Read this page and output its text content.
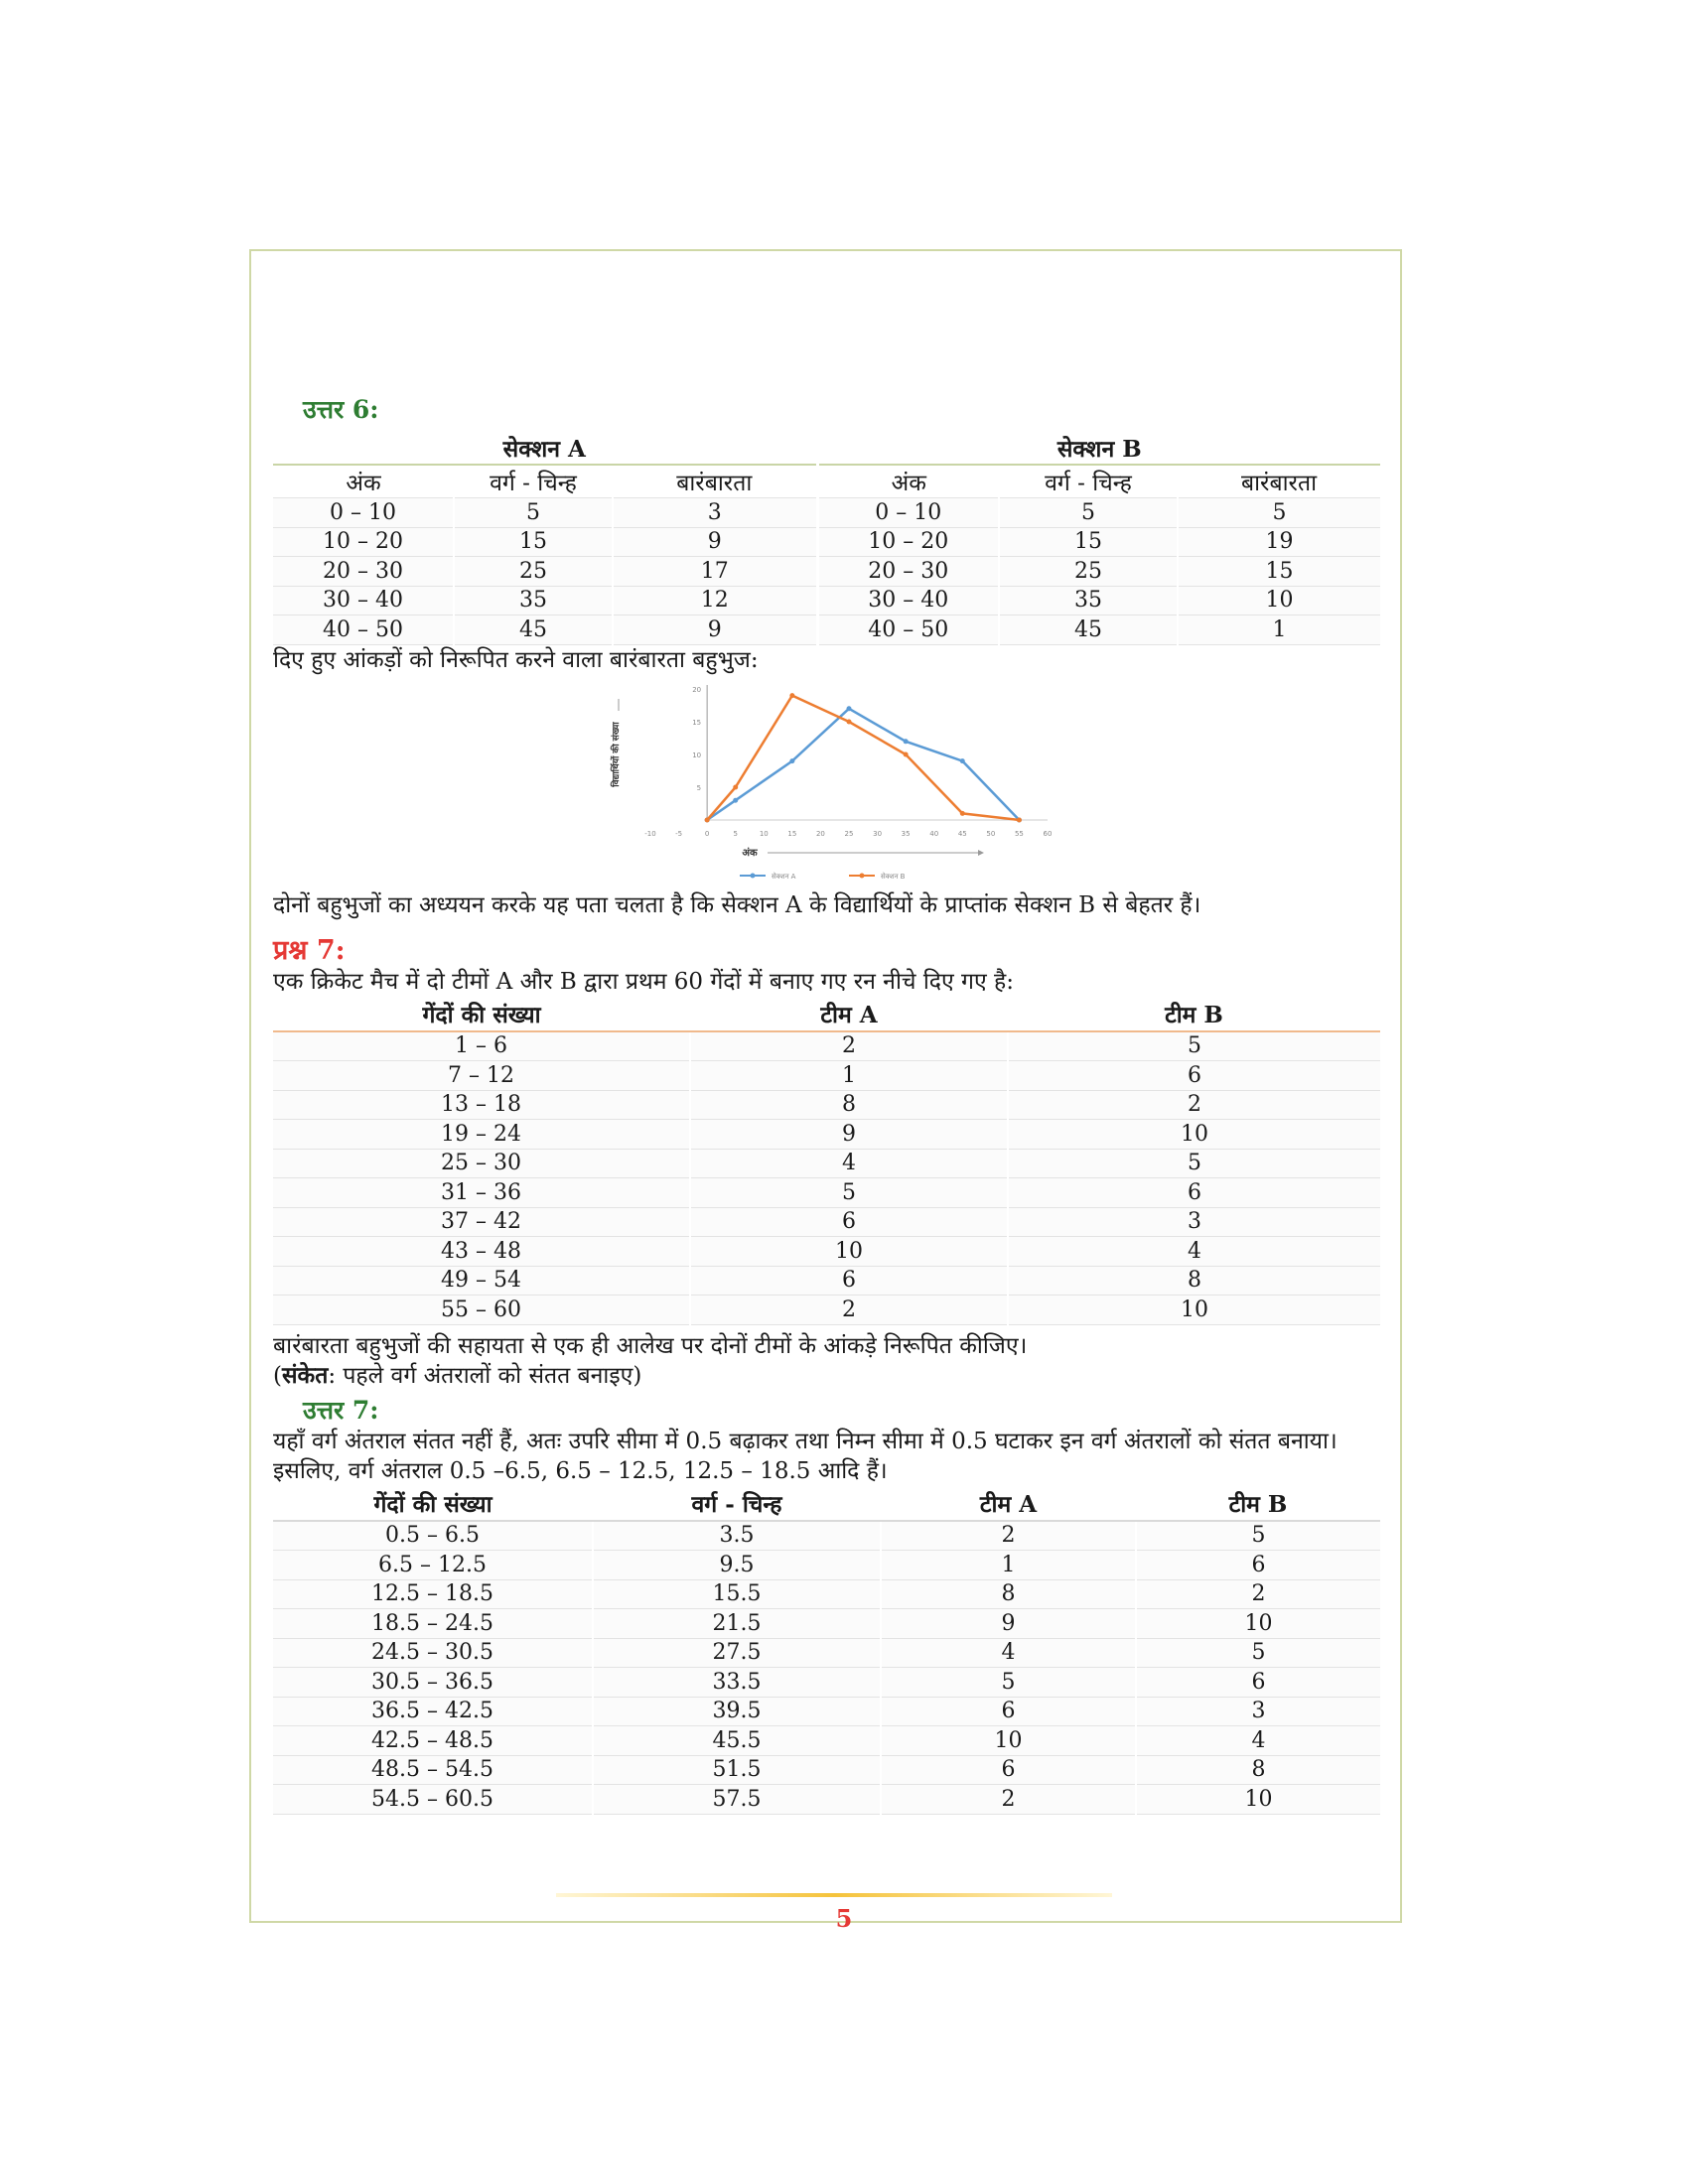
उत्तर 6:

सेक्शन A			सेक्शन B		
अंक	वर्ग - चिन्ह	बारंबारता	अंक	वर्ग - चिन्ह	बारंबारता
0 – 10	5	3	0 – 10	5	5
10 – 20	15	9	10 – 20	15	19
20 – 30	25	17	20 – 30	25	15
30 – 40	35	12	30 – 40	35	10
40 – 50	45	9	40 – 50	45	1

दिए हुए आंकड़ों को निरूपित करने वाला बारंबारता बहुभुज:

5
10
15
20
-10	-5	0	5	10	15	20	25	30	35	40	45	50	55	60
विद्यार्थियों की संख्या
अंक
सेक्शन A	सेक्शन B

दोनों बहुभुजों का अध्ययन करके यह पता चलता है कि सेक्शन A के विद्यार्थियों के प्राप्तांक सेक्शन B से बेहतर हैं।

प्रश्न 7:

एक क्रिकेट मैच में दो टीमों A और B द्वारा प्रथम 60 गेंदों में बनाए गए रन नीचे दिए गए है:

गेंदों की संख्या	टीम A	टीम B
1 – 6	2	5
7 – 12	1	6
13 – 18	8	2
19 – 24	9	10
25 – 30	4	5
31 – 36	5	6
37 – 42	6	3
43 – 48	10	4
49 – 54	6	8
55 – 60	2	10

बारंबारता बहुभुजों की सहायता से एक ही आलेख पर दोनों टीमों के आंकड़े निरूपित कीजिए।

(संकेत: पहले वर्ग अंतरालों को संतत बनाइए)

उत्तर 7:

यहाँ वर्ग अंतराल संतत नहीं हैं, अतः उपरि सीमा में 0.5 बढ़ाकर तथा निम्न सीमा में 0.5 घटाकर इन वर्ग अंतरालों को संतत बनाया।

इसलिए, वर्ग अंतराल 0.5 –6.5, 6.5 – 12.5, 12.5 – 18.5 आदि हैं।

गेंदों की संख्या	वर्ग - चिन्ह	टीम A	टीम B
0.5 – 6.5	3.5	2	5
6.5 – 12.5	9.5	1	6
12.5 – 18.5	15.5	8	2
18.5 – 24.5	21.5	9	10
24.5 – 30.5	27.5	4	5
30.5 – 36.5	33.5	5	6
36.5 – 42.5	39.5	6	3
42.5 – 48.5	45.5	10	4
48.5 – 54.5	51.5	6	8
54.5 – 60.5	57.5	2	10
5
